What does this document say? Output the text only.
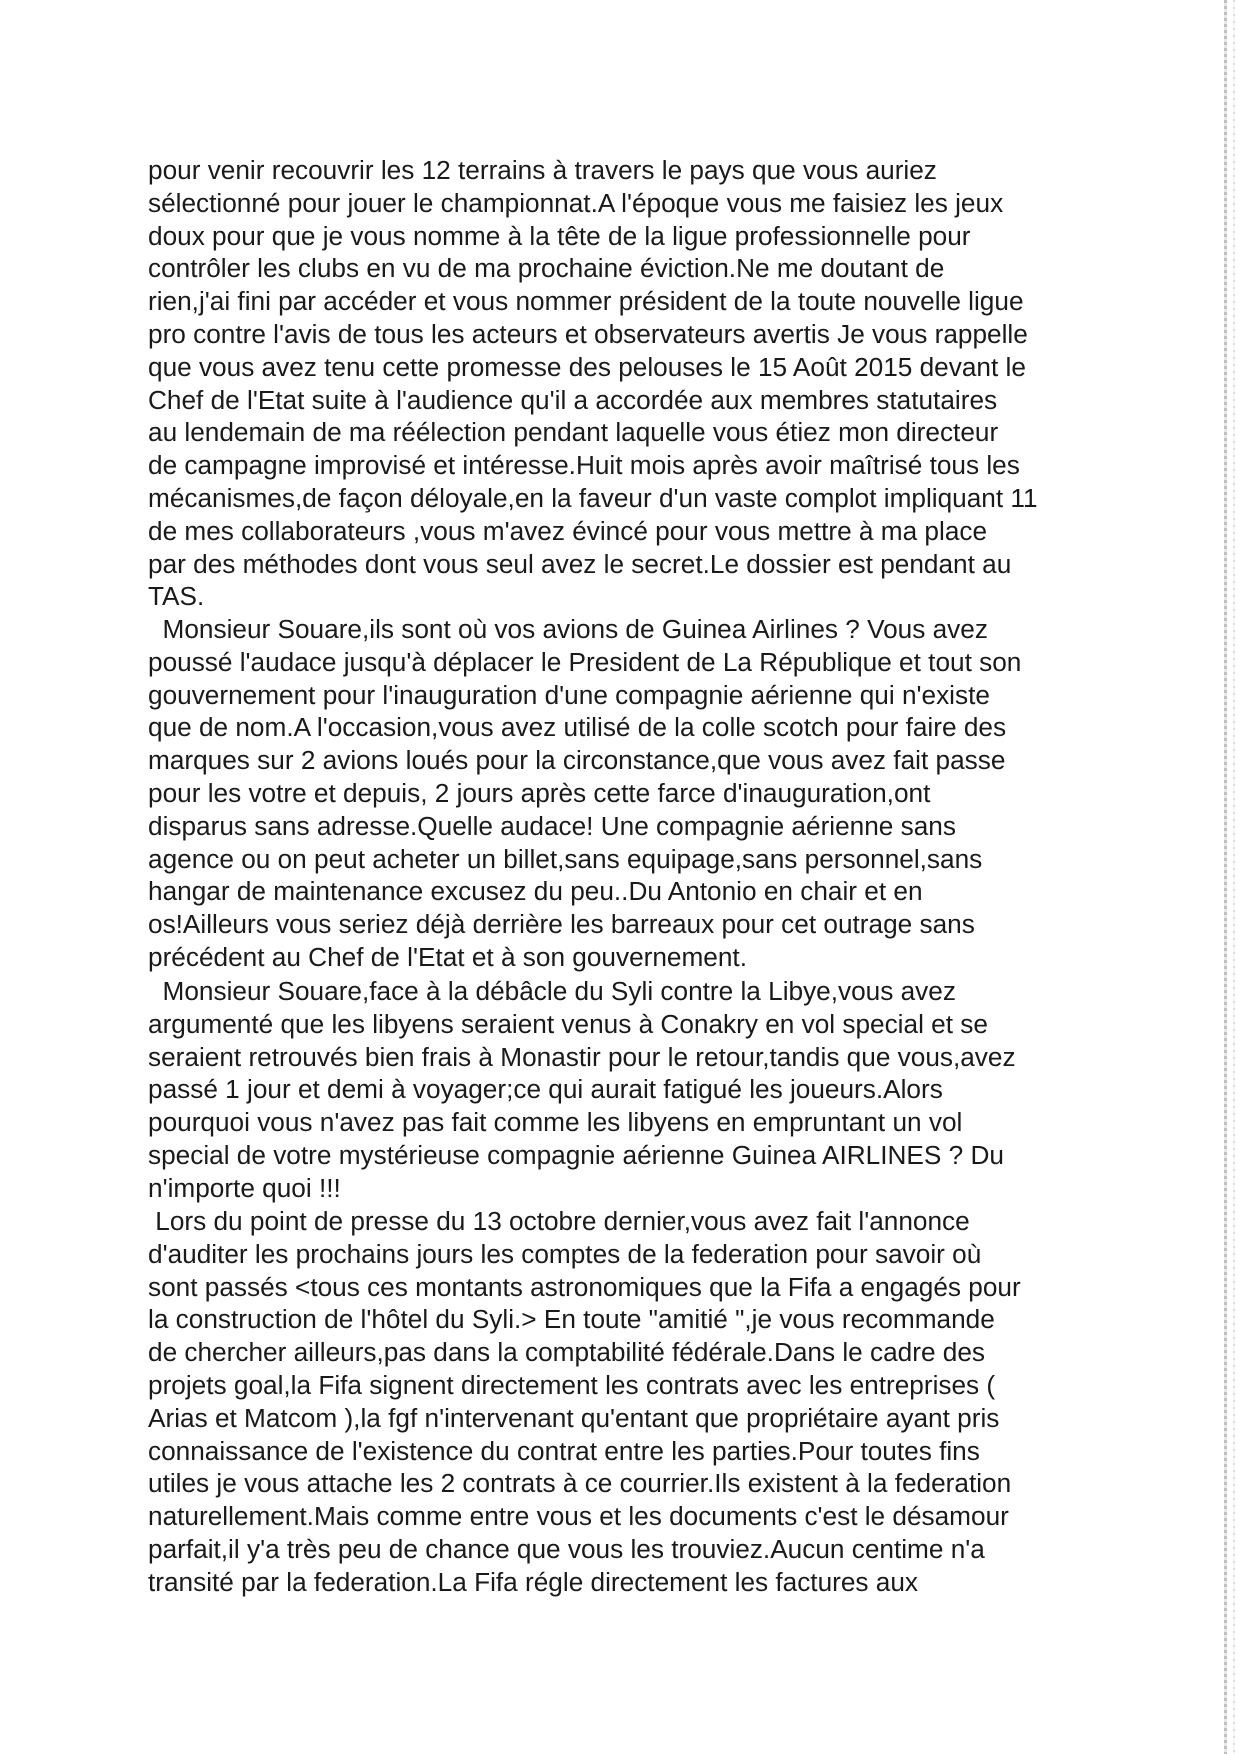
pour venir recouvrir les 12 terrains à travers le pays que vous auriez
sélectionné pour jouer le championnat.A l'époque vous me faisiez les jeux
doux pour que je vous nomme à la tête de la ligue professionnelle pour
contrôler les clubs en vu de ma prochaine éviction.Ne me doutant de
rien,j'ai fini par accéder et vous nommer président de la toute nouvelle ligue
pro contre l'avis de tous les acteurs et observateurs avertis Je vous rappelle
que vous avez tenu cette promesse des pelouses le 15 Août 2015 devant le
Chef de l'Etat suite à l'audience qu'il a accordée aux membres statutaires
au lendemain de ma réélection pendant laquelle vous étiez mon directeur
de campagne improvisé et intéresse.Huit mois après avoir maîtrisé tous les
mécanismes,de façon déloyale,en la faveur d'un vaste complot impliquant 11
de mes collaborateurs ,vous m'avez évincé pour vous mettre à ma place
par des méthodes dont vous seul avez le secret.Le dossier est pendant au
TAS.
Monsieur Souare,ils sont où vos avions de Guinea Airlines ? Vous avez
poussé l'audace jusqu'à déplacer le President de La République et tout son
gouvernement pour l'inauguration d'une compagnie aérienne qui n'existe
que de nom.A l'occasion,vous avez utilisé de la colle scotch pour faire des
marques sur 2 avions loués pour la circonstance,que vous avez fait passe
pour les votre et depuis, 2 jours après cette farce d'inauguration,ont
disparus sans adresse.Quelle audace! Une compagnie aérienne sans
agence ou on peut acheter un billet,sans equipage,sans personnel,sans
hangar de maintenance excusez du peu..Du Antonio en chair et en
os!Ailleurs vous seriez déjà derrière les barreaux pour cet outrage sans
précédent au Chef de l'Etat et à son gouvernement.
Monsieur Souare,face à la débâcle du Syli contre la Libye,vous avez
argumenté que les libyens seraient venus à Conakry en vol special et se
seraient retrouvés bien frais à Monastir pour le retour,tandis que vous,avez
passé 1 jour et demi à voyager;ce qui aurait fatigué les joueurs.Alors
pourquoi vous n'avez pas fait comme les libyens en empruntant un vol
special de votre mystérieuse compagnie aérienne Guinea AIRLINES ? Du
n'importe quoi !!!
Lors du point de presse du 13 octobre dernier,vous avez fait l'annonce
d'auditer les prochains jours les comptes de la federation pour savoir où
sont passés <tous ces montants astronomiques que la Fifa a engagés pour
la construction de l'hôtel du Syli.> En toute "amitié ",je vous recommande
de chercher ailleurs,pas dans la comptabilité fédérale.Dans le cadre des
projets goal,la Fifa signent directement les contrats avec les entreprises (
Arias et Matcom ),la fgf n'intervenant qu'entant que propriétaire ayant pris
connaissance de l'existence du contrat entre les parties.Pour toutes fins
utiles je vous attache les 2 contrats à ce courrier.Ils existent à la federation
naturellement.Mais comme entre vous et les documents c'est le désamour
parfait,il y'a très peu de chance que vous les trouviez.Aucun centime n'a
transité par la federation.La Fifa régle directement les factures aux
